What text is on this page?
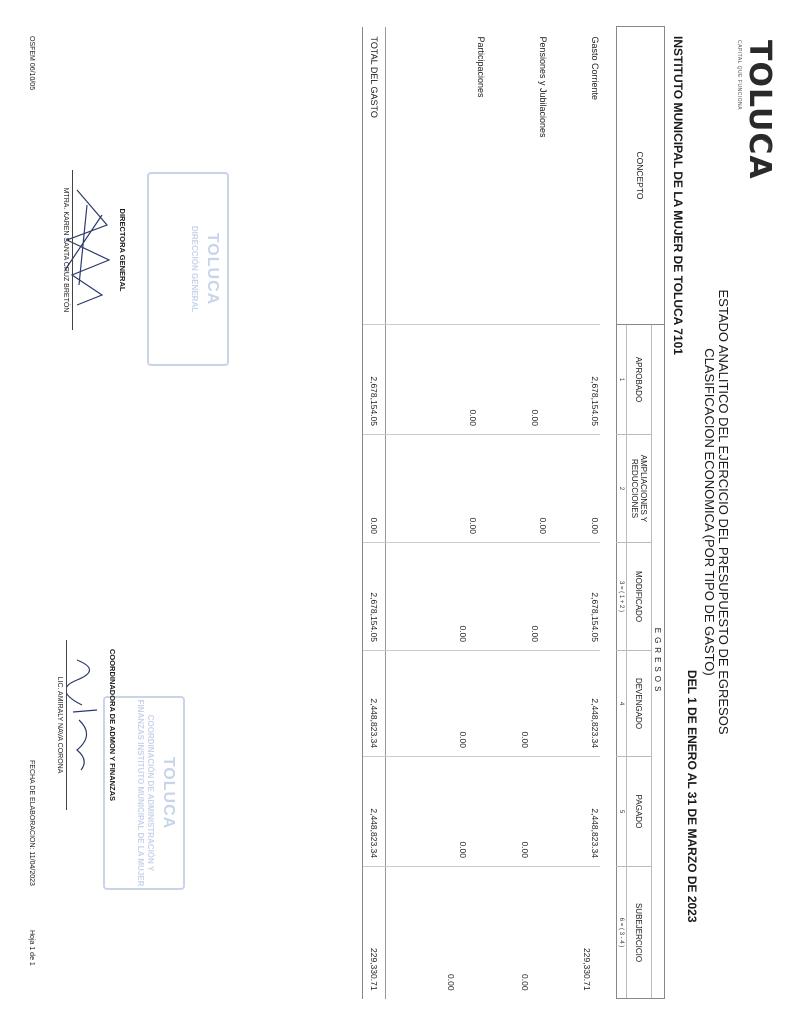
TOLUCA
CAPITAL QUE FUNCIONA
ESTADO ANALITICO DEL EJERCICIO DEL PRESUPUESTO DE EGRESOS
CLASIFICACION ECONOMICA (POR TIPO DE GASTO)
DEL 1 DE ENERO AL 31 DE MARZO DE 2023
INSTITUTO MUNICIPAL DE LA MUJER DE TOLUCA 7101
CONCEPTO	EGRESOS					
	APROBADO	AMPLIACIONES Y REDUCCIONES	MODIFICADO	DEVENGADO	PAGADO	SUBEJERCICIO
	1	2	3 = ( 1 + 2 )	4	5	6 = ( 3 - 4 )

Gasto Corriente	2,678,154.05	0.00	2,678,154.05	2,448,823.34	2,448,823.34	229,330.71
Pensiones y Jubilaciones	0.00	0.00	0.00	0.00	0.00	0.00
Participaciones	0.00	0.00	0.00	0.00	0.00	0.00

TOTAL DEL GASTO	2,678,154.05	0.00	2,678,154.05	2,448,823.34	2,448,823.34	229,330.71
TOLUCA
DIRECCIÓN GENERAL
TOLUCA
COORDINACIÓN DE ADMINISTRACIÓN Y FINANZAS INSTITUTO MUNICIPAL DE LA MUJER
DIRECTORA GENERAL
MTRA. KAREN SANTA CRUZ BRETÓN
COORDINADORA DE ADMON Y FINANZAS
LIC. AMIRALY NAVA CORONA
OSFEM 06/10/05
FECHA DE ELABORACION: 11/04/2023
Hoja 1 de 1
